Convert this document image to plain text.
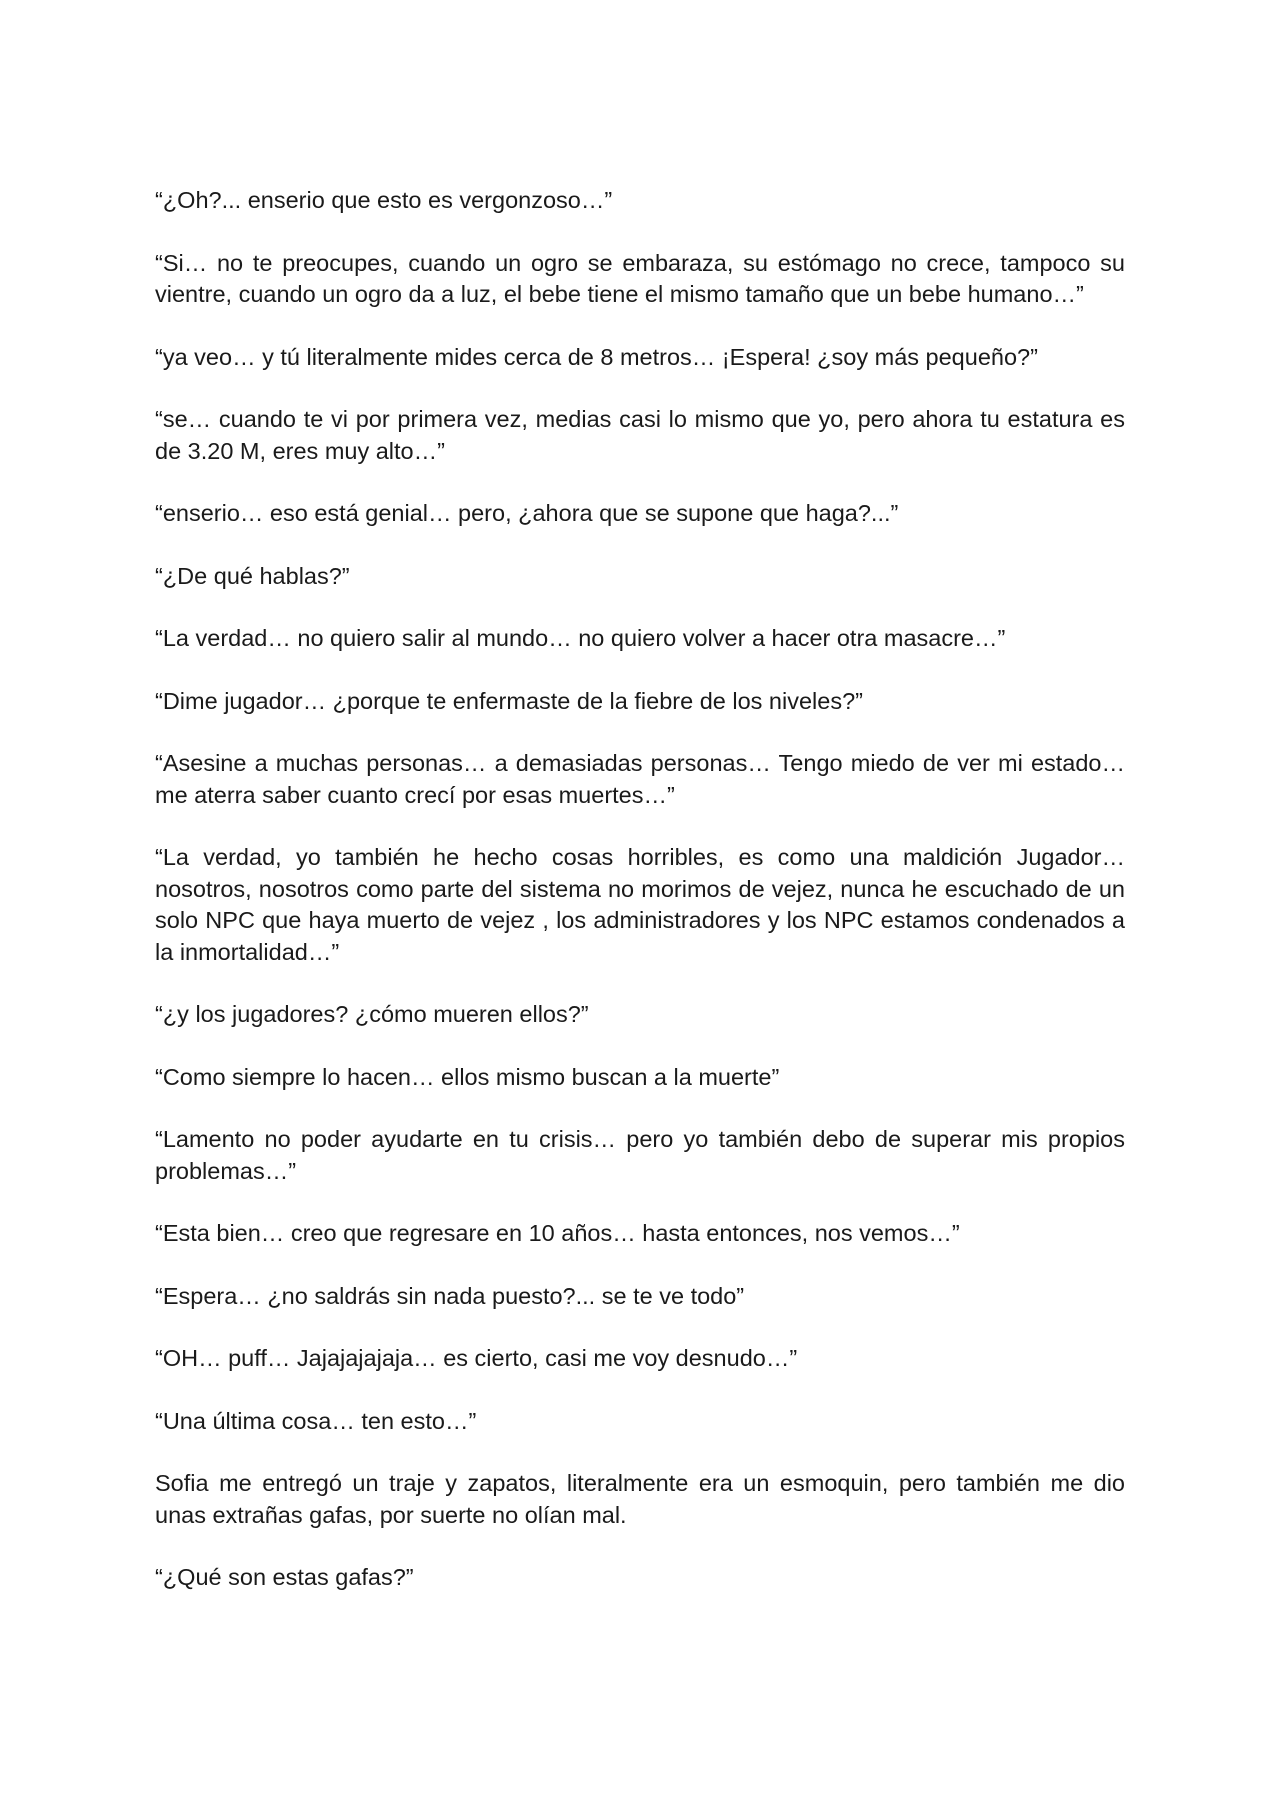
“¿Oh?... enserio que esto es vergonzoso…”

“Si… no te preocupes, cuando un ogro se embaraza, su estómago no crece, tampoco su vientre, cuando un ogro da a luz, el bebe tiene el mismo tamaño que un bebe humano…”

“ya veo… y tú literalmente mides cerca de 8 metros… ¡Espera! ¿soy más pequeño?”

“se… cuando te vi por primera vez, medias casi lo mismo que yo, pero ahora tu estatura es de 3.20 M, eres muy alto…”

“enserio… eso está genial… pero, ¿ahora que se supone que haga?...”

“¿De qué hablas?”

“La verdad… no quiero salir al mundo… no quiero volver a hacer otra masacre…”

“Dime jugador… ¿porque te enfermaste de la fiebre de los niveles?”

“Asesine a muchas personas… a demasiadas personas… Tengo miedo de ver mi estado… me aterra saber cuanto crecí por esas muertes…”

“La verdad, yo también he hecho cosas horribles, es como una maldición Jugador… nosotros, nosotros como parte del sistema no morimos de vejez, nunca he escuchado de un solo NPC que haya muerto de vejez , los administradores y los NPC estamos condenados a la inmortalidad…”

“¿y los jugadores? ¿cómo mueren ellos?”

“Como siempre lo hacen… ellos mismo buscan a la muerte”

“Lamento no poder ayudarte en tu crisis… pero yo también debo de superar mis propios problemas…”

“Esta bien… creo que regresare en 10 años… hasta entonces, nos vemos…”

“Espera… ¿no saldrás sin nada puesto?... se te ve todo”

“OH… puff… Jajajajajaja… es cierto, casi me voy desnudo…”

“Una última cosa… ten esto…”

Sofia me entregó un traje y zapatos, literalmente era un esmoquin, pero también me dio unas extrañas gafas, por suerte no olían mal.

“¿Qué son estas gafas?”
